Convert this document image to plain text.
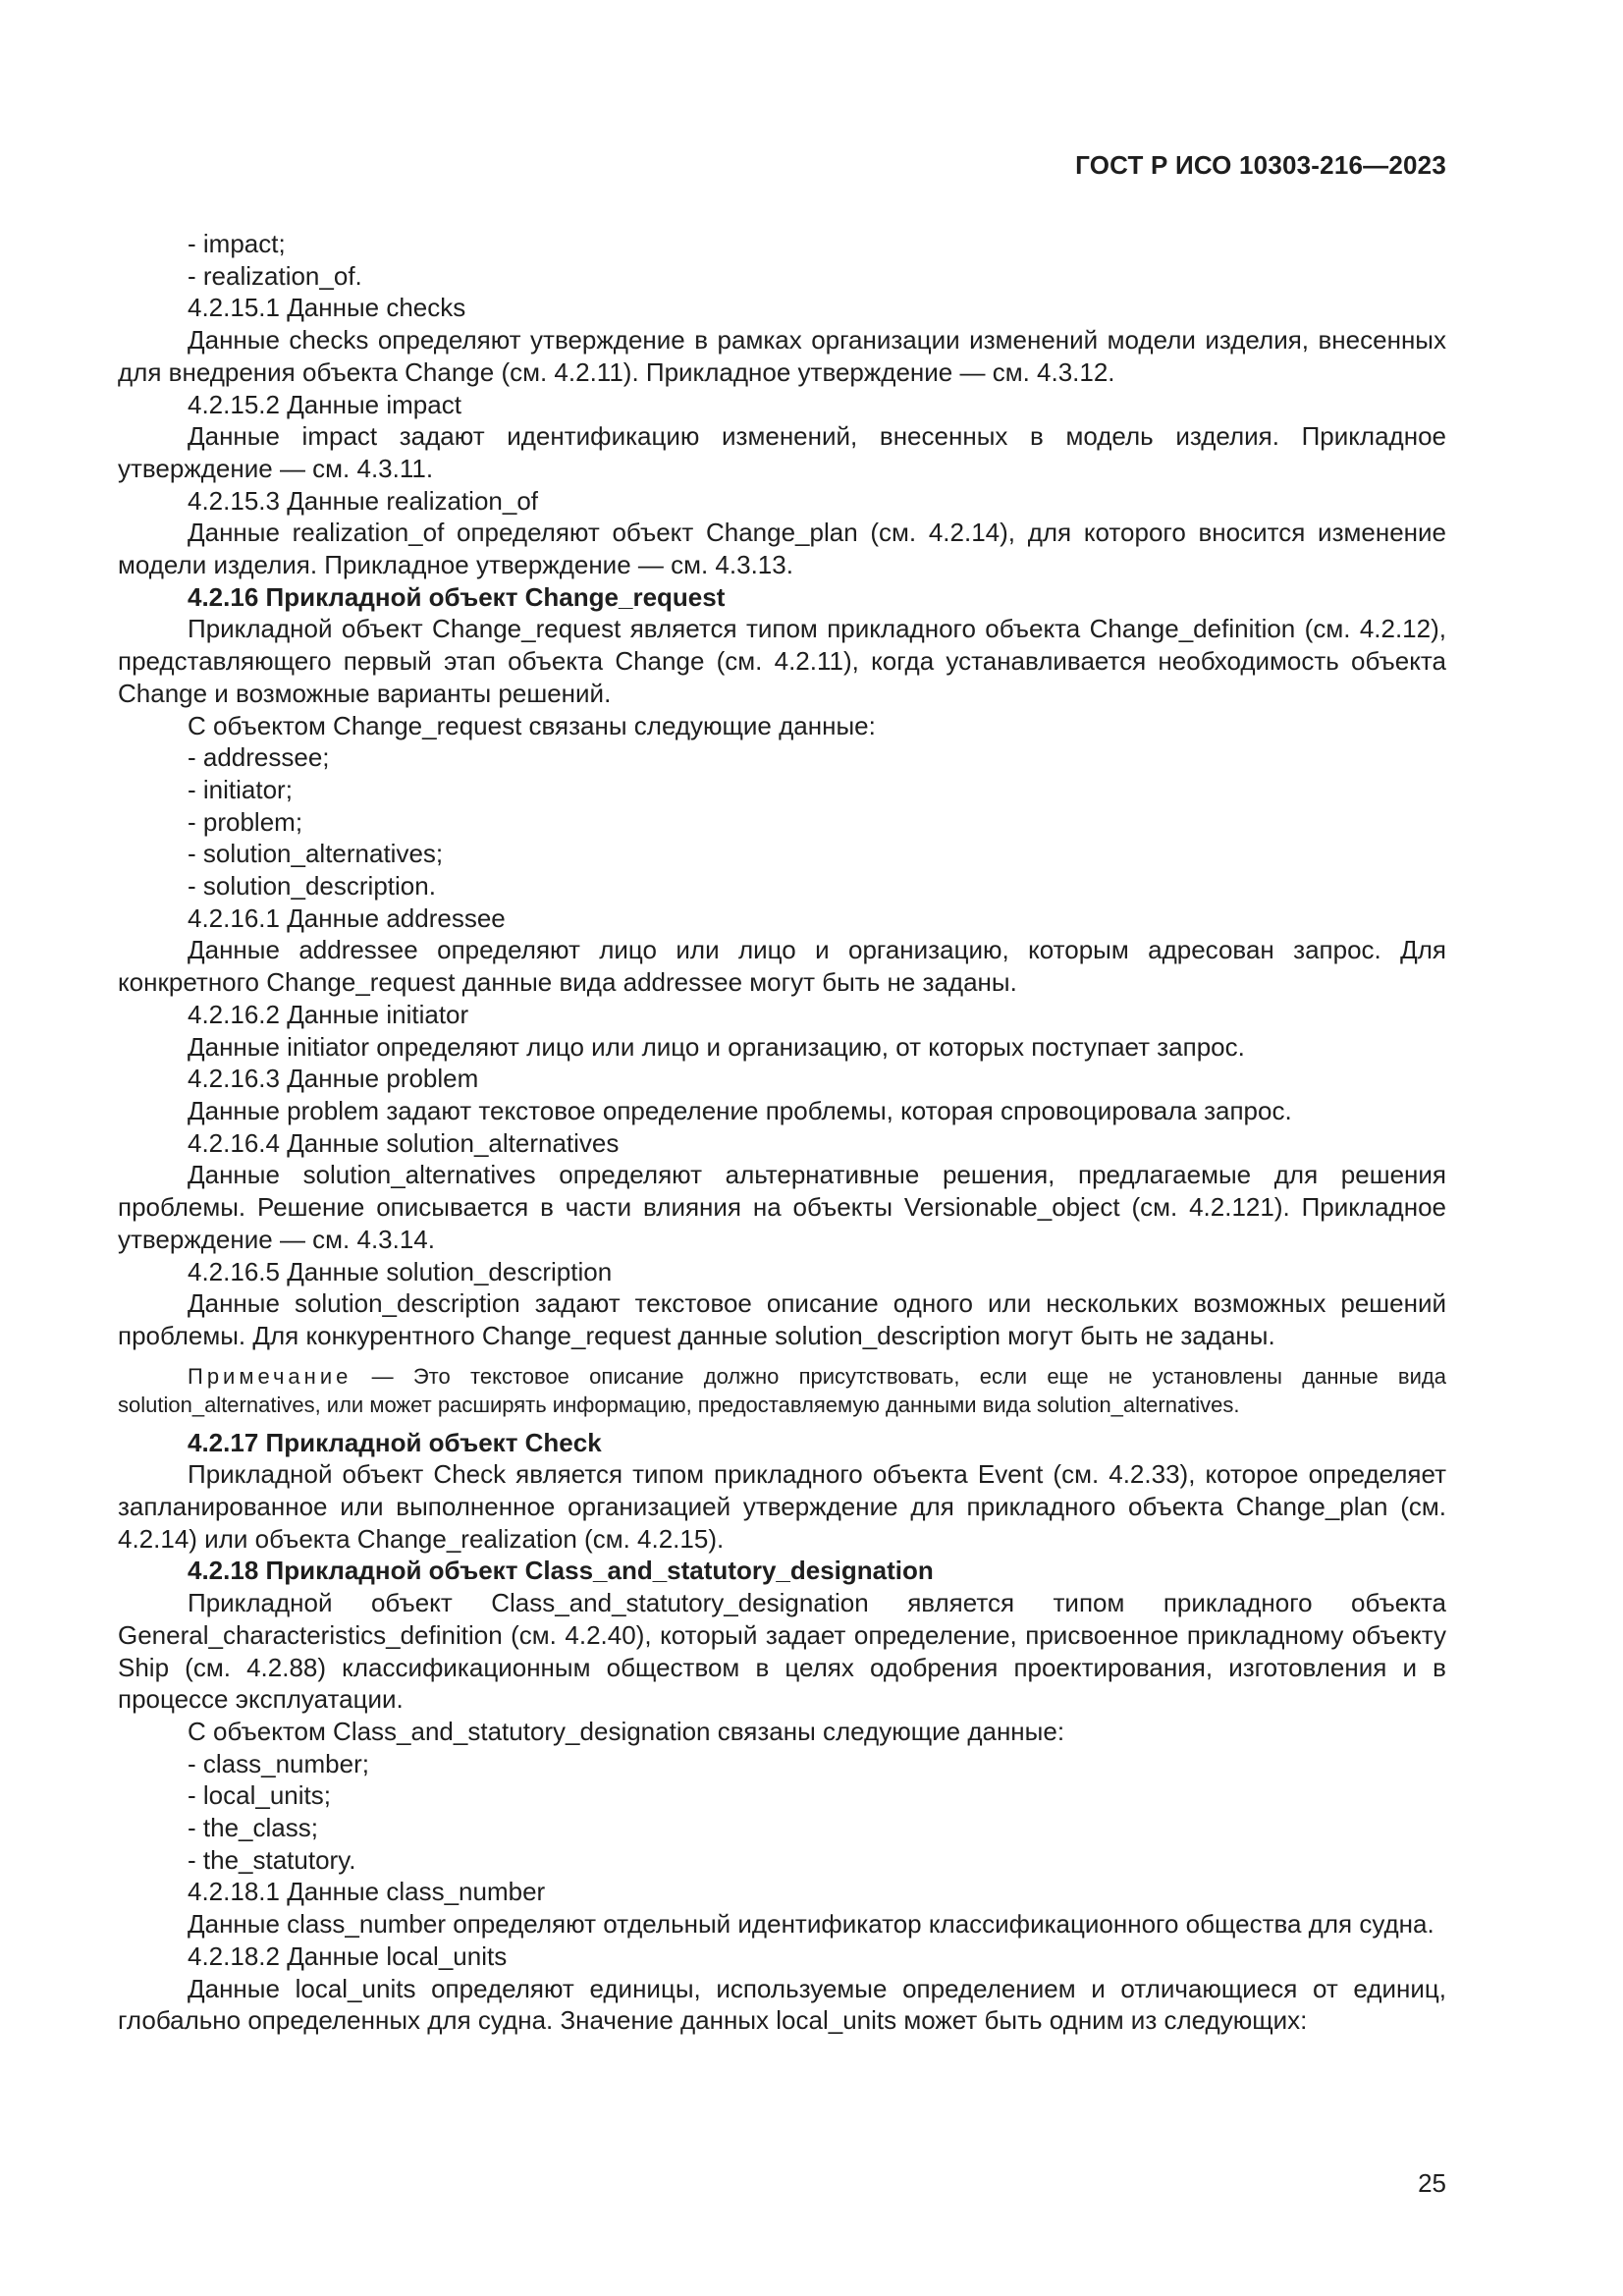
ГОСТ Р ИСО 10303-216—2023

- impact;

- realization_of.

4.2.15.1 Данные checks

Данные checks определяют утверждение в рамках организации изменений модели изделия, внесенных для внедрения объекта Change (см. 4.2.11). Прикладное утверждение — см. 4.3.12.

4.2.15.2 Данные impact

Данные impact задают идентификацию изменений, внесенных в модель изделия. Прикладное утверждение — см. 4.3.11.

4.2.15.3 Данные realization_of

Данные realization_of определяют объект Change_plan (см. 4.2.14), для которого вносится изменение модели изделия. Прикладное утверждение — см. 4.3.13.

4.2.16 Прикладной объект Change_request

Прикладной объект Change_request является типом прикладного объекта Change_definition (см. 4.2.12), представляющего первый этап объекта Change (см. 4.2.11), когда устанавливается необходимость объекта Change и возможные варианты решений.

С объектом Change_request связаны следующие данные:

- addressee;

- initiator;

- problem;

- solution_alternatives;

- solution_description.

4.2.16.1 Данные addressee

Данные addressee определяют лицо или лицо и организацию, которым адресован запрос. Для конкретного Change_request данные вида addressee могут быть не заданы.

4.2.16.2 Данные initiator

Данные initiator определяют лицо или лицо и организацию, от которых поступает запрос.

4.2.16.3 Данные problem

Данные problem задают текстовое определение проблемы, которая спровоцировала запрос.

4.2.16.4 Данные solution_alternatives

Данные solution_alternatives определяют альтернативные решения, предлагаемые для решения проблемы. Решение описывается в части влияния на объекты Versionable_object (см. 4.2.121). Прикладное утверждение — см. 4.3.14.

4.2.16.5 Данные solution_description

Данные solution_description задают текстовое описание одного или нескольких возможных решений проблемы. Для конкурентного Change_request данные solution_description могут быть не заданы.

Примечание — Это текстовое описание должно присутствовать, если еще не установлены данные вида solution_alternatives, или может расширять информацию, предоставляемую данными вида solution_alternatives.

4.2.17 Прикладной объект Check

Прикладной объект Check является типом прикладного объекта Event (см. 4.2.33), которое определяет запланированное или выполненное организацией утверждение для прикладного объекта Change_plan (см. 4.2.14) или объекта Change_realization (см. 4.2.15).

4.2.18 Прикладной объект Class_and_statutory_designation

Прикладной объект Class_and_statutory_designation является типом прикладного объекта General_characteristics_definition (см. 4.2.40), который задает определение, присвоенное прикладному объекту Ship (см. 4.2.88) классификационным обществом в целях одобрения проектирования, изготовления и в процессе эксплуатации.

С объектом Class_and_statutory_designation связаны следующие данные:

- class_number;

- local_units;

- the_class;

- the_statutory.

4.2.18.1 Данные class_number

Данные class_number определяют отдельный идентификатор классификационного общества для судна.

4.2.18.2 Данные local_units

Данные local_units определяют единицы, используемые определением и отличающиеся от единиц, глобально определенных для судна. Значение данных local_units может быть одним из следующих:

25
